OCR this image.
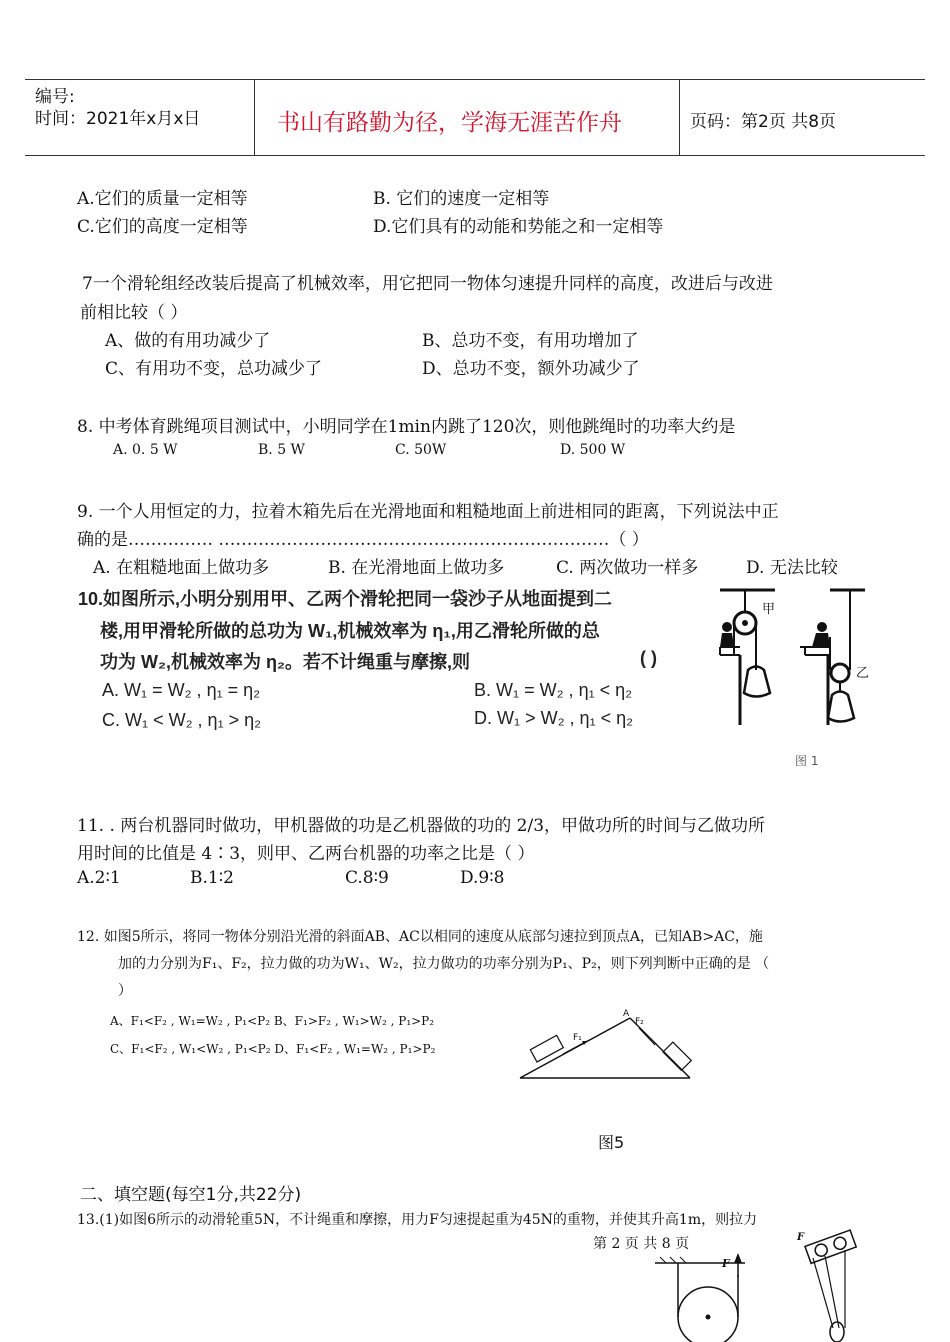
编号:
时间：2021年x月x日	书山有路勤为径，学海无涯苦作舟	页码：第2页 共8页
A.它们的质量一定相等	B. 它们的速度一定相等
C.它们的高度一定相等	D.它们具有的动能和势能之和一定相等
7一个滑轮组经改装后提高了机械效率，用它把同一物体匀速提升同样的高度，改进后与改进
前相比较（ ）
A、做的有用功减少了	B、总功不变，有用功增加了
C、有用功不变，总功减少了	D、总功不变，额外功减少了
8. 中考体育跳绳项目测试中，小明同学在1min内跳了120次，则他跳绳时的功率大约是
A. 0. 5 W	B. 5 W	C. 50W	D. 500 W
9. 一个人用恒定的力，拉着木箱先后在光滑地面和粗糙地面上前进相同的距离，下列说法中正
确的是…………… ……………………………………………………………（ ）
A. 在粗糙地面上做功多	B. 在光滑地面上做功多	C. 两次做功一样多	D. 无法比较
10.如图所示,小明分别用甲、乙两个滑轮把同一袋沙子从地面提到二
楼,用甲滑轮所做的总功为 W₁,机械效率为 η₁,用乙滑轮所做的总
功为 W₂,机械效率为 η₂。若不计绳重与摩擦,则	( )
A. W₁ = W₂ , η₁ = η₂	B. W₁ = W₂ , η₁ < η₂
C. W₁ < W₂ , η₁ > η₂	D. W₁ > W₂ , η₁ < η₂
甲
乙
图 1
11. . 两台机器同时做功，甲机器做的功是乙机器做的功的 2/3，甲做功所的时间与乙做功所
用时间的比值是 4∶3，则甲、乙两台机器的功率之比是（ ）
A.2∶1	B.1∶2	C.8∶9	D.9∶8
12. 如图5所示，将同一物体分别沿光滑的斜面AB、AC以相同的速度从底部匀速拉到顶点A，已知AB>AC，施
加的力分别为F₁、F₂，拉力做的功为W₁、W₂，拉力做功的功率分别为P₁、P₂，则下列判断中正确的是 （
）
A、F₁<F₂ , W₁=W₂ , P₁<P₂ B、F₁>F₂ , W₁>W₂ , P₁>P₂
C、F₁<F₂ , W₁<W₂ , P₁<P₂ D、F₁<F₂ , W₁=W₂ , P₁>P₂
A
F₁
F₂
图5
二、填空题(每空1分,共22分)
13.(1)如图6所示的动滑轮重5N，不计绳重和摩擦，用力F匀速提起重为45N的重物，并使其升高1m，则拉力
第 2 页 共 8 页
F
F
